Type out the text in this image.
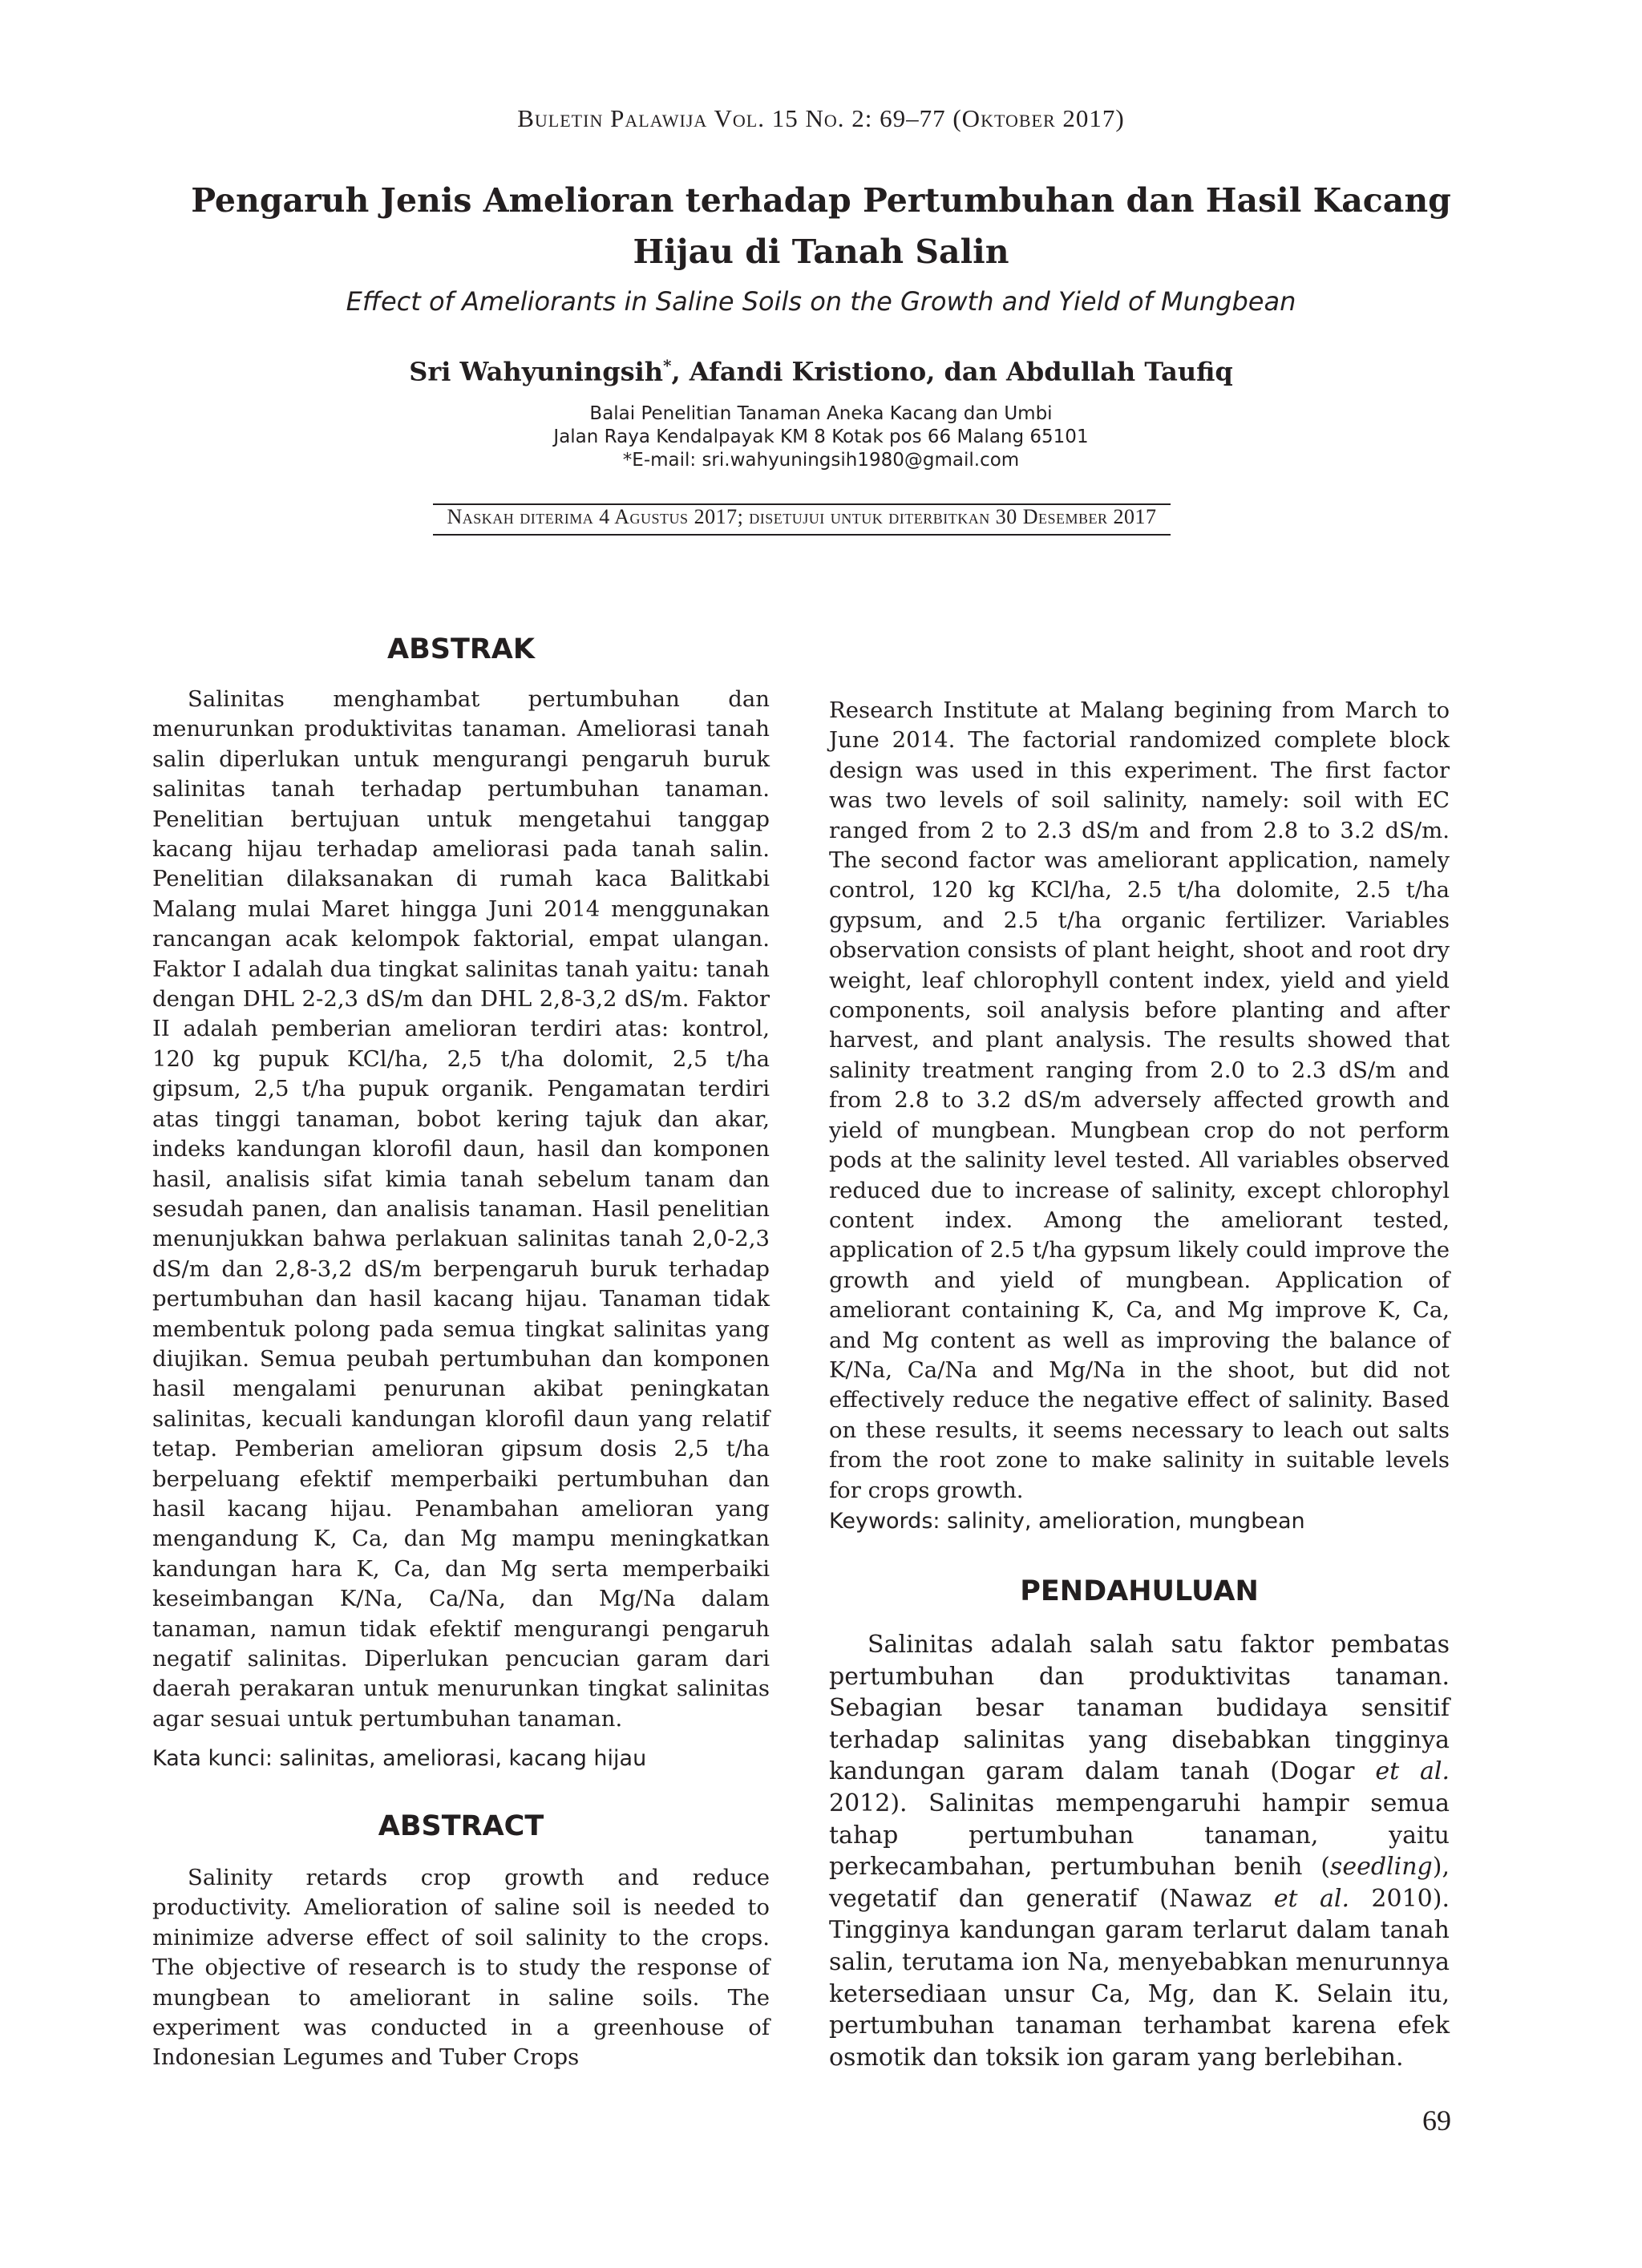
Buletin Palawija Vol. 15 No. 2: 69–77 (Oktober 2017)
Pengaruh Jenis Amelioran terhadap Pertumbuhan dan Hasil Kacang Hijau di Tanah Salin
Effect of Ameliorants in Saline Soils on the Growth and Yield of Mungbean
Sri Wahyuningsih*, Afandi Kristiono, dan Abdullah Taufiq
Balai Penelitian Tanaman Aneka Kacang dan Umbi
Jalan Raya Kendalpayak KM 8 Kotak pos 66 Malang 65101
*E-mail: sri.wahyuningsih1980@gmail.com
Naskah diterima 4 Agustus 2017; disetujui untuk diterbitkan 30 Desember 2017
ABSTRAK

Salinitas menghambat pertumbuhan dan menurunkan produktivitas tanaman. Ameliorasi tanah salin diperlukan untuk mengurangi pengaruh buruk salinitas tanah terhadap pertumbuhan tanaman. Penelitian bertujuan untuk mengetahui tanggap kacang hijau terhadap ameliorasi pada tanah salin. Penelitian dilaksanakan di rumah kaca Balitkabi Malang mulai Maret hingga Juni 2014 menggunakan rancangan acak kelompok faktorial, empat ulangan. Faktor I adalah dua tingkat salinitas tanah yaitu: tanah dengan DHL 2-2,3 dS/m dan DHL 2,8-3,2 dS/m. Faktor II adalah pemberian amelioran terdiri atas: kontrol, 120 kg pupuk KCl/ha, 2,5 t/ha dolomit, 2,5 t/ha gipsum, 2,5 t/ha pupuk organik. Pengamatan terdiri atas tinggi tanaman, bobot kering tajuk dan akar, indeks kandungan klorofil daun, hasil dan komponen hasil, analisis sifat kimia tanah sebelum tanam dan sesudah panen, dan analisis tanaman. Hasil penelitian menunjukkan bahwa perlakuan salinitas tanah 2,0-2,3 dS/m dan 2,8-3,2 dS/m berpengaruh buruk terhadap pertumbuhan dan hasil kacang hijau. Tanaman tidak membentuk polong pada semua tingkat salinitas yang diujikan. Semua peubah pertumbuhan dan komponen hasil mengalami penurunan akibat peningkatan salinitas, kecuali kandungan klorofil daun yang relatif tetap. Pemberian amelioran gipsum dosis 2,5 t/ha berpeluang efektif memperbaiki pertumbuhan dan hasil kacang hijau. Penambahan amelioran yang mengandung K, Ca, dan Mg mampu meningkatkan kandungan hara K, Ca, dan Mg serta memperbaiki keseimbangan K/Na, Ca/Na, dan Mg/Na dalam tanaman, namun tidak efektif mengurangi pengaruh negatif salinitas. Diperlukan pencucian garam dari daerah perakaran untuk menurunkan tingkat salinitas agar sesuai untuk pertumbuhan tanaman.

Kata kunci: salinitas, ameliorasi, kacang hijau
ABSTRACT

Salinity retards crop growth and reduce productivity. Amelioration of saline soil is needed to minimize adverse effect of soil salinity to the crops. The objective of research is to study the response of mungbean to ameliorant in saline soils. The experiment was conducted in a greenhouse of Indonesian Legumes and Tuber Crops

Research Institute at Malang begining from March to June 2014. The factorial randomized complete block design was used in this experiment. The first factor was two levels of soil salinity, namely: soil with EC ranged from 2 to 2.3 dS/m and from 2.8 to 3.2 dS/m. The second factor was ameliorant application, namely control, 120 kg KCl/ha, 2.5 t/ha dolomite, 2.5 t/ha gypsum, and 2.5 t/ha organic fertilizer. Variables observation consists of plant height, shoot and root dry weight, leaf chlorophyll content index, yield and yield components, soil analysis before planting and after harvest, and plant analysis. The results showed that salinity treatment ranging from 2.0 to 2.3 dS/m and from 2.8 to 3.2 dS/m adversely affected growth and yield of mungbean. Mungbean crop do not perform pods at the salinity level tested. All variables observed reduced due to increase of salinity, except chlorophyl content index. Among the ameliorant tested, application of 2.5 t/ha gypsum likely could improve the growth and yield of mungbean. Application of ameliorant containing K, Ca, and Mg improve K, Ca, and Mg content as well as improving the balance of K/Na, Ca/Na and Mg/Na in the shoot, but did not effectively reduce the negative effect of salinity. Based on these results, it seems necessary to leach out salts from the root zone to make salinity in suitable levels for crops growth.

Keywords: salinity, amelioration, mungbean
PENDAHULUAN

Salinitas adalah salah satu faktor pembatas pertumbuhan dan produktivitas tanaman. Sebagian besar tanaman budidaya sensitif terhadap salinitas yang disebabkan tingginya kandungan garam dalam tanah (Dogar et al. 2012). Salinitas mempengaruhi hampir semua tahap pertumbuhan tanaman, yaitu perkecambahan, pertumbuhan benih (seedling), vegetatif dan generatif (Nawaz et al. 2010). Tingginya kandungan garam terlarut dalam tanah salin, terutama ion Na, menyebabkan menurunnya ketersediaan unsur Ca, Mg, dan K. Selain itu, pertumbuhan tanaman terhambat karena efek osmotik dan toksik ion garam yang berlebihan.

69
